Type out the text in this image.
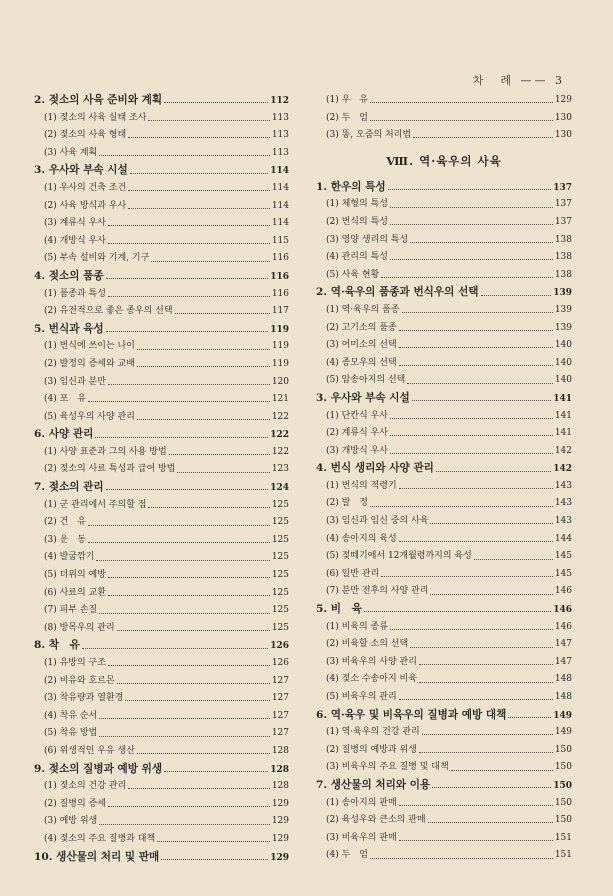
차　례 —— 3
2. 젖소의 사육 준비와 계획	112
(1) 젖소의 사육 실태 조사	113
(2) 젖소의 사육 형태	113
(3) 사육 계획	113
3. 우사와 부속 시설	114
(1) 우사의 건축 조건	114
(2) 사육 방식과 우사	114
(3) 계류식 우사	114
(4) 개방식 우사	115
(5) 부속 설비와 기계, 기구	116
4. 젖소의 품종	116
(1) 품종과 특성	116
(2) 유전적으로 좋은 종우의 선택	117
5. 번식과 육성	119
(1) 번식에 쓰이는 나이	119
(2) 발정의 증세와 교배	119
(3) 임신과 분만	120
(4) 포　유	121
(5) 육성우의 사양 관리	122
6. 사양 관리	122
(1) 사양 표준과 그의 사용 방법	122
(2) 젖소의 사료 특성과 급여 방법	123
7. 젖소의 관리	124
(1) 군 관리에서 주의할 점	125
(2) 건　유	125
(3) 운　동	125
(4) 발굽깎기	125
(5) 더위의 예방	125
(6) 사료의 교환	125
(7) 피부 손질	125
(8) 방목우의 관리	125
8. 착　유	126
(1) 유방의 구조	126
(2) 비유와 호르몬	127
(3) 착유량과 열환경	127
(4) 착유 순서	127
(5) 착유 방법	127
(6) 위생적인 우유 생산	128
9. 젖소의 질병과 예방 위생	128
(1) 젖소의 건강 관리	128
(2) 질병의 증세	129
(3) 예방 위생	129
(4) 젖소의 주요 질병과 대책	129
10. 생산물의 처리 및 판매	129
(1) 우　유	129
(2) 두　엄	130
(3) 똥, 오줌의 처리법	130
Ⅷ. 역·육우의 사육
1. 한우의 특성	137
(1) 체형의 특성	137
(2) 번식의 특성	137
(3) 영양 생리의 특성	138
(4) 관리의 특성	138
(5) 사육 현황	138
2. 역·육우의 품종과 번식우의 선택	139
(1) 역·육우의 품종	139
(2) 고기소의 품종	139
(3) 어미소의 선택	140
(4) 종모우의 선택	140
(5) 암송아지의 선택	140
3. 우사와 부속 시설	141
(1) 단칸식 우사	141
(2) 계류식 우사	141
(3) 개방식 우사	142
4. 번식 생리와 사양 관리	142
(1) 번식의 적령기	143
(2) 발　정	143
(3) 임신과 임신 중의 사육	143
(4) 송아지의 육성	144
(5) 젖떼기에서 12개월령까지의 육성	145
(6) 일반 관리	145
(7) 분만 전후의 사양 관리	146
5. 비　육	146
(1) 비육의 종류	146
(2) 비육할 소의 선택	147
(3) 비육우의 사양 관리	147
(4) 젖소 수송아지 비육	148
(5) 비육우의 관리	148
6. 역·육우 및 비육우의 질병과 예방 대책	149
(1) 역·육우의 건강 관리	149
(2) 질병의 예방과 위생	150
(3) 비육우의 주요 질병 및 대책	150
7. 생산물의 처리와 이용	150
(1) 송아지의 판매	150
(2) 육성우와 큰소의 판매	150
(3) 비육우의 판매	151
(4) 두　엄	151
